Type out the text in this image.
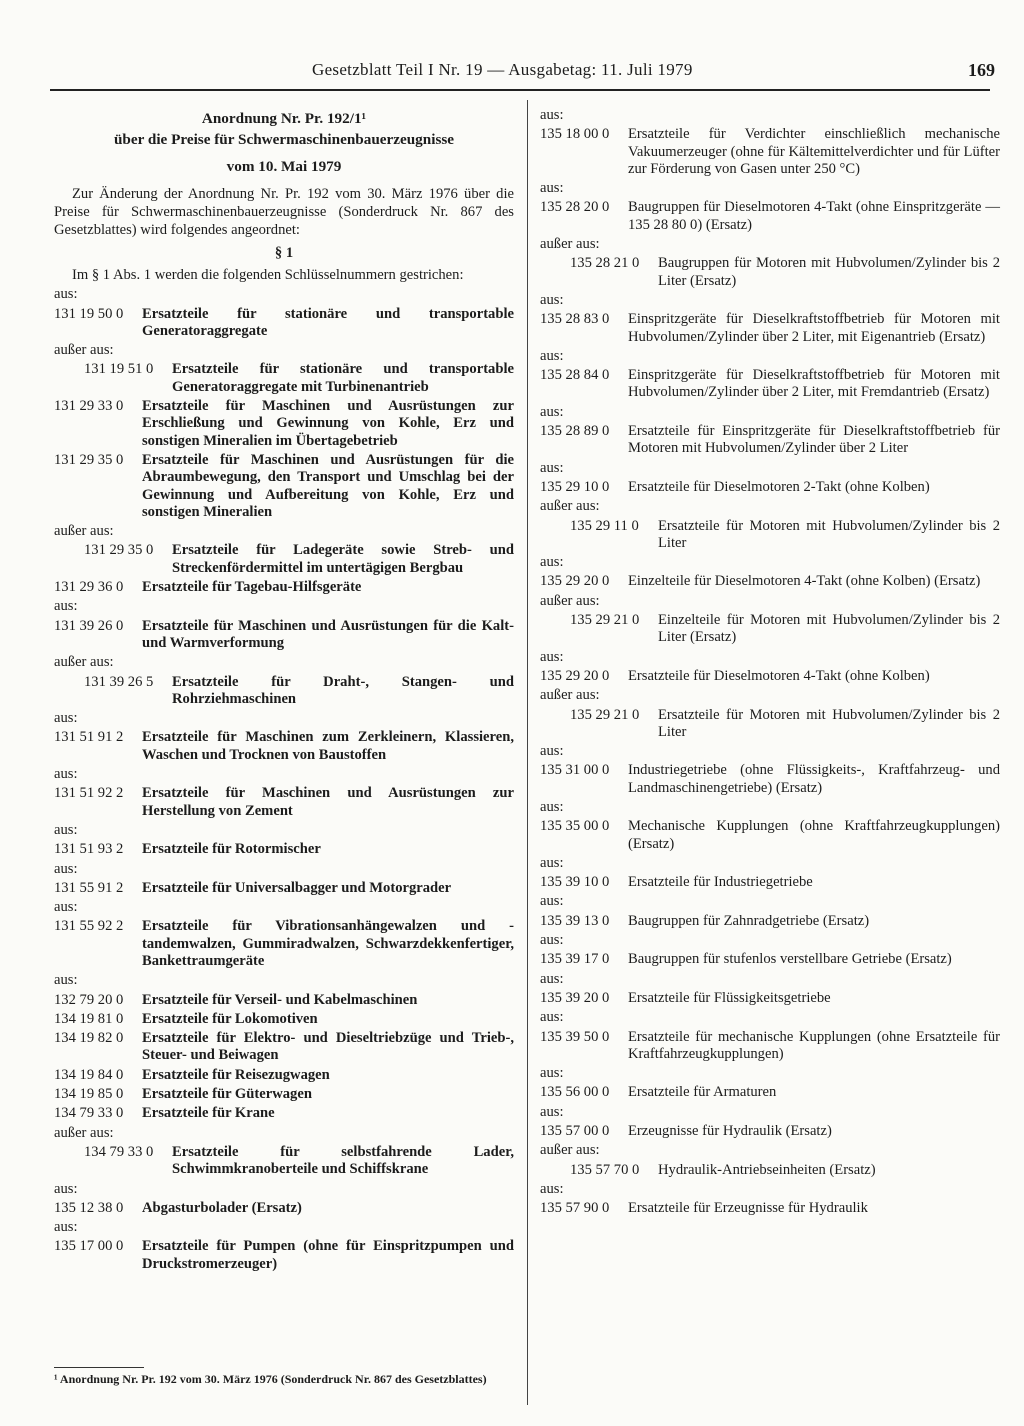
Gesetzblatt Teil I Nr. 19 — Ausgabetag: 11. Juli 1979	169
Anordnung Nr. Pr. 192/1¹
über die Preise für Schwermaschinenbauerzeugnisse
vom 10. Mai 1979

Zur Änderung der Anordnung Nr. Pr. 192 vom 30. März 1976 über die Preise für Schwermaschinenbauerzeugnisse (Sonderdruck Nr. 867 des Gesetzblattes) wird folgendes angeordnet:

§ 1

Im § 1 Abs. 1 werden die folgenden Schlüsselnummern gestrichen:

aus:
131 19 50 0	Ersatzteile für stationäre und transportable Generatoraggregate
außer aus:
131 19 51 0	Ersatzteile für stationäre und transportable Generatoraggregate mit Turbinenantrieb
131 29 33 0	Ersatzteile für Maschinen und Ausrüstungen zur Erschließung und Gewinnung von Kohle, Erz und sonstigen Mineralien im Übertagebetrieb
131 29 35 0	Ersatzteile für Maschinen und Ausrüstungen für die Abraumbewegung, den Transport und Umschlag bei der Gewinnung und Aufbereitung von Kohle, Erz und sonstigen Mineralien
außer aus:
131 29 35 0	Ersatzteile für Ladegeräte sowie Streb- und Streckenfördermittel im untertägigen Bergbau
131 29 36 0	Ersatzteile für Tagebau-Hilfsgeräte
aus:
131 39 26 0	Ersatzteile für Maschinen und Ausrüstungen für die Kalt- und Warmverformung
außer aus:
131 39 26 5	Ersatzteile für Draht-, Stangen- und Rohrziehmaschinen
aus:
131 51 91 2	Ersatzteile für Maschinen zum Zerkleinern, Klassieren, Waschen und Trocknen von Baustoffen
aus:
131 51 92 2	Ersatzteile für Maschinen und Ausrüstungen zur Herstellung von Zement
aus:
131 51 93 2	Ersatzteile für Rotormischer
aus:
131 55 91 2	Ersatzteile für Universalbagger und Motorgrader
aus:
131 55 92 2	Ersatzteile für Vibrationsanhängewalzen und -tandemwalzen, Gummiradwalzen, Schwarzdekkenfertiger, Bankettraumgeräte
aus:
132 79 20 0	Ersatzteile für Verseil- und Kabelmaschinen
134 19 81 0	Ersatzteile für Lokomotiven
134 19 82 0	Ersatzteile für Elektro- und Dieseltriebzüge und Trieb-, Steuer- und Beiwagen
134 19 84 0	Ersatzteile für Reisezugwagen
134 19 85 0	Ersatzteile für Güterwagen
134 79 33 0	Ersatzteile für Krane
außer aus:
134 79 33 0	Ersatzteile für selbstfahrende Lader, Schwimmkranoberteile und Schiffskrane
aus:
135 12 38 0	Abgasturbolader (Ersatz)
aus:
135 17 00 0	Ersatzteile für Pumpen (ohne für Einspritzpumpen und Druckstromerzeuger)
aus:
135 18 00 0	Ersatzteile für Verdichter einschließlich mechanische Vakuumerzeuger (ohne für Kältemittelverdichter und für Lüfter zur Förderung von Gasen unter 250 °C)
aus:
135 28 20 0	Baugruppen für Dieselmotoren 4-Takt (ohne Einspritzgeräte — 135 28 80 0) (Ersatz)
außer aus:
135 28 21 0	Baugruppen für Motoren mit Hubvolumen/Zylinder bis 2 Liter (Ersatz)
aus:
135 28 83 0	Einspritzgeräte für Dieselkraftstoffbetrieb für Motoren mit Hubvolumen/Zylinder über 2 Liter, mit Eigenantrieb (Ersatz)
aus:
135 28 84 0	Einspritzgeräte für Dieselkraftstoffbetrieb für Motoren mit Hubvolumen/Zylinder über 2 Liter, mit Fremdantrieb (Ersatz)
aus:
135 28 89 0	Ersatzteile für Einspritzgeräte für Dieselkraftstoffbetrieb für Motoren mit Hubvolumen/Zylinder über 2 Liter
aus:
135 29 10 0	Ersatzteile für Dieselmotoren 2-Takt (ohne Kolben)
außer aus:
135 29 11 0	Ersatzteile für Motoren mit Hubvolumen/Zylinder bis 2 Liter
aus:
135 29 20 0	Einzelteile für Dieselmotoren 4-Takt (ohne Kolben) (Ersatz)
außer aus:
135 29 21 0	Einzelteile für Motoren mit Hubvolumen/Zylinder bis 2 Liter (Ersatz)
aus:
135 29 20 0	Ersatzteile für Dieselmotoren 4-Takt (ohne Kolben)
außer aus:
135 29 21 0	Ersatzteile für Motoren mit Hubvolumen/Zylinder bis 2 Liter
aus:
135 31 00 0	Industriegetriebe (ohne Flüssigkeits-, Kraftfahrzeug- und Landmaschinengetriebe) (Ersatz)
aus:
135 35 00 0	Mechanische Kupplungen (ohne Kraftfahrzeugkupplungen) (Ersatz)
aus:
135 39 10 0	Ersatzteile für Industriegetriebe
aus:
135 39 13 0	Baugruppen für Zahnradgetriebe (Ersatz)
aus:
135 39 17 0	Baugruppen für stufenlos verstellbare Getriebe (Ersatz)
aus:
135 39 20 0	Ersatzteile für Flüssigkeitsgetriebe
aus:
135 39 50 0	Ersatzteile für mechanische Kupplungen (ohne Ersatzteile für Kraftfahrzeugkupplungen)
aus:
135 56 00 0	Ersatzteile für Armaturen
aus:
135 57 00 0	Erzeugnisse für Hydraulik (Ersatz)
außer aus:
135 57 70 0	Hydraulik-Antriebseinheiten (Ersatz)
aus:
135 57 90 0	Ersatzteile für Erzeugnisse für Hydraulik

¹ Anordnung Nr. Pr. 192 vom 30. März 1976 (Sonderdruck Nr. 867 des Gesetzblattes)
